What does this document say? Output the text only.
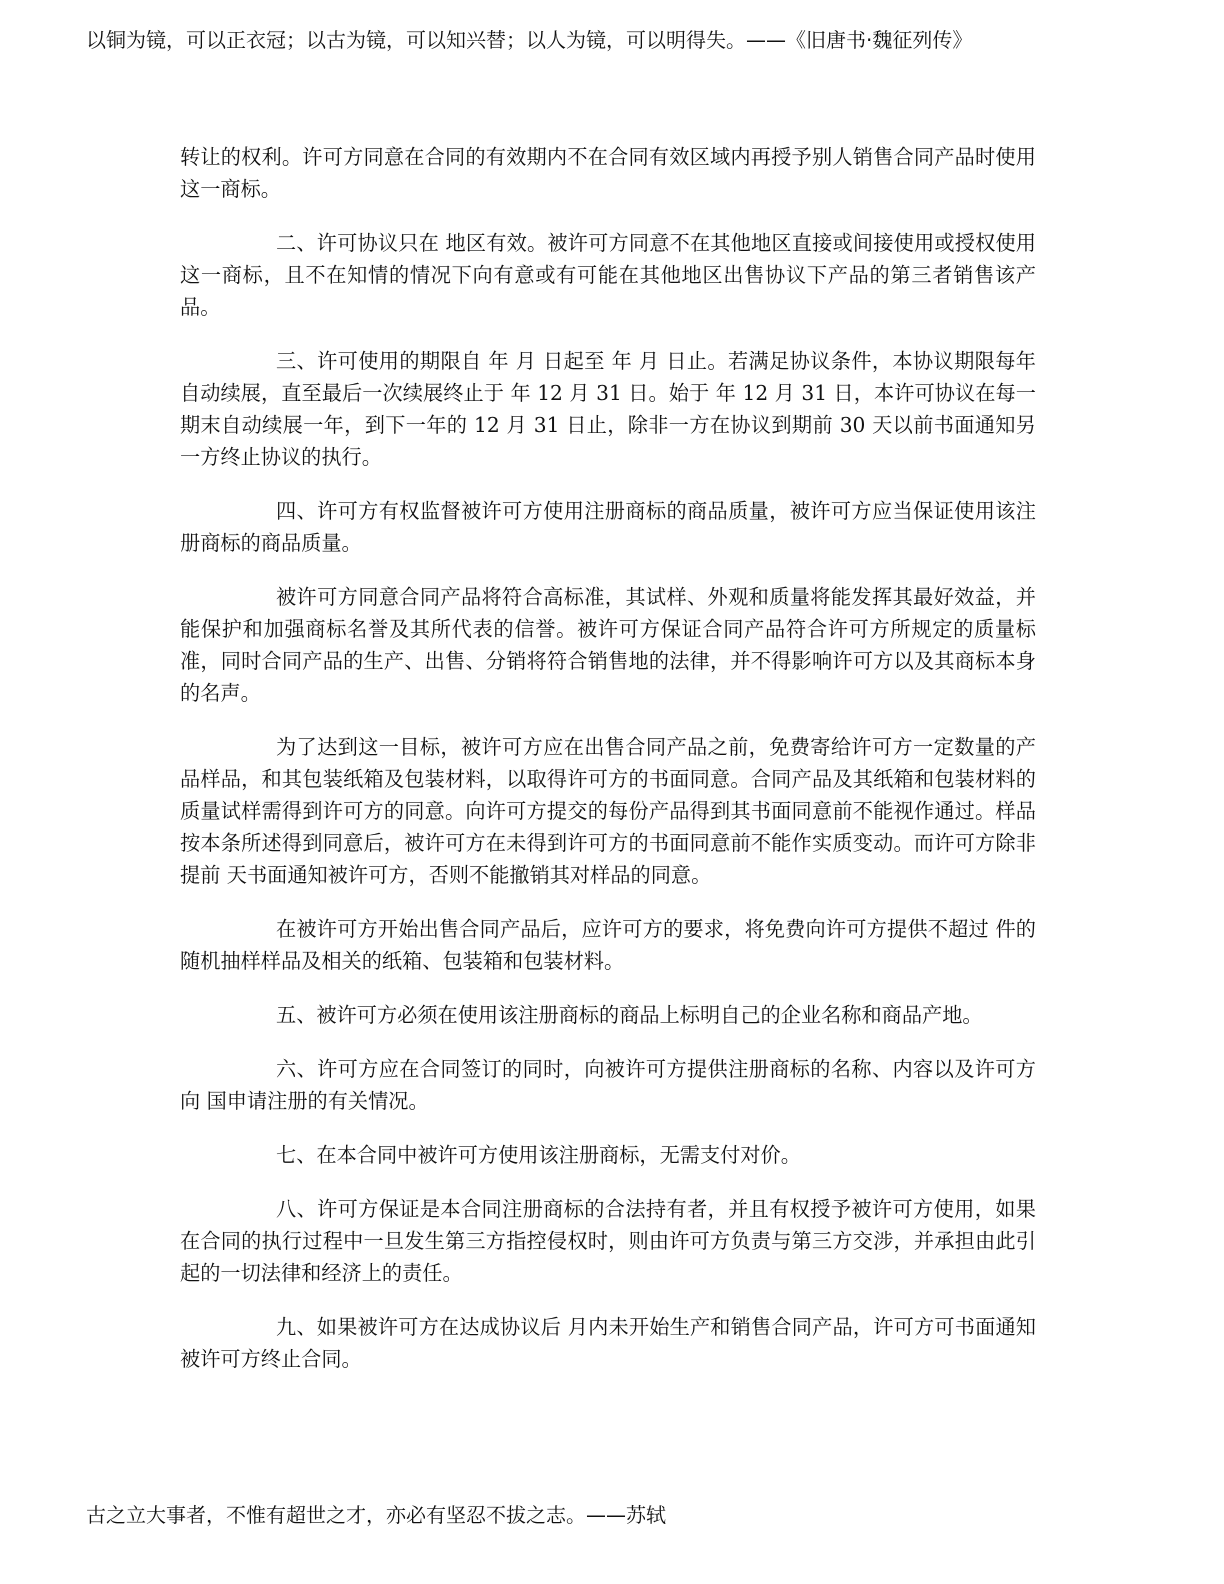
以铜为镜，可以正衣冠；以古为镜，可以知兴替；以人为镜，可以明得失。——《旧唐书·魏征列传》

转让的权利。许可方同意在合同的有效期内不在合同有效区域内再授予别人销售合同产品时使用这一商标。

二、许可协议只在 地区有效。被许可方同意不在其他地区直接或间接使用或授权使用这一商标，且不在知情的情况下向有意或有可能在其他地区出售协议下产品的第三者销售该产品。

三、许可使用的期限自 年 月 日起至 年 月 日止。若满足协议条件，本协议期限每年自动续展，直至最后一次续展终止于 年 12 月 31 日。始于 年 12 月 31 日，本许可协议在每一期末自动续展一年，到下一年的 12 月 31 日止，除非一方在协议到期前 30 天以前书面通知另一方终止协议的执行。

四、许可方有权监督被许可方使用注册商标的商品质量，被许可方应当保证使用该注册商标的商品质量。

被许可方同意合同产品将符合高标准，其试样、外观和质量将能发挥其最好效益，并能保护和加强商标名誉及其所代表的信誉。被许可方保证合同产品符合许可方所规定的质量标准，同时合同产品的生产、出售、分销将符合销售地的法律，并不得影响许可方以及其商标本身的名声。

为了达到这一目标，被许可方应在出售合同产品之前，免费寄给许可方一定数量的产品样品，和其包装纸箱及包装材料，以取得许可方的书面同意。合同产品及其纸箱和包装材料的质量试样需得到许可方的同意。向许可方提交的每份产品得到其书面同意前不能视作通过。样品按本条所述得到同意后，被许可方在未得到许可方的书面同意前不能作实质变动。而许可方除非提前 天书面通知被许可方，否则不能撤销其对样品的同意。

在被许可方开始出售合同产品后，应许可方的要求，将免费向许可方提供不超过 件的随机抽样样品及相关的纸箱、包装箱和包装材料。

五、被许可方必须在使用该注册商标的商品上标明自己的企业名称和商品产地。

六、许可方应在合同签订的同时，向被许可方提供注册商标的名称、内容以及许可方向 国申请注册的有关情况。

七、在本合同中被许可方使用该注册商标，无需支付对价。

八、许可方保证是本合同注册商标的合法持有者，并且有权授予被许可方使用，如果在合同的执行过程中一旦发生第三方指控侵权时，则由许可方负责与第三方交涉，并承担由此引起的一切法律和经济上的责任。

九、如果被许可方在达成协议后 月内未开始生产和销售合同产品，许可方可书面通知被许可方终止合同。

古之立大事者，不惟有超世之才，亦必有坚忍不拔之志。——苏轼
